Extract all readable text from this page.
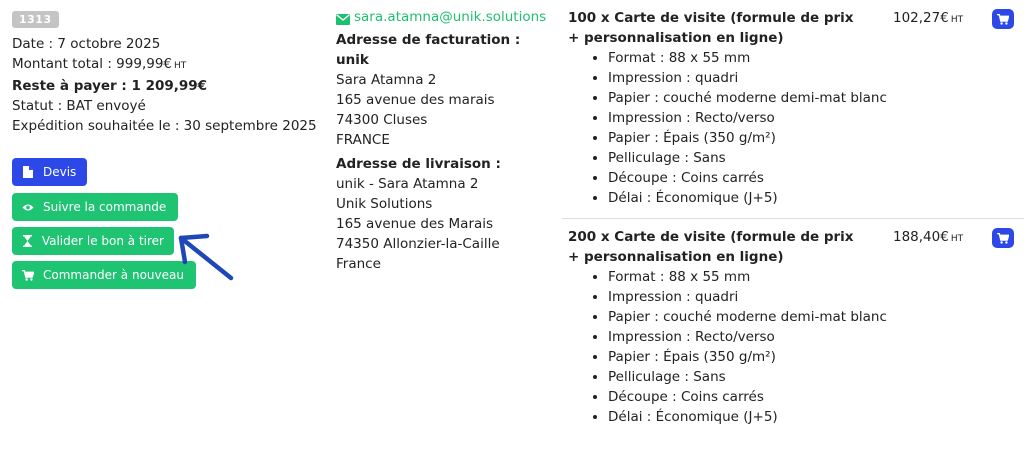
1313
Date : 7 octobre 2025
Montant total : 999,99€ HT
Reste à payer : 1 209,99€
Statut : BAT envoyé
Expédition souhaitée le : 30 septembre 2025
Devis
Suivre la commande
Valider le bon à tirer
Commander à nouveau
sara.atamna@unik.solutions
Adresse de facturation :
unik
Sara Atamna 2
165 avenue des marais
74300 Cluses
FRANCE
Adresse de livraison :
unik - Sara Atamna 2
Unik Solutions
165 avenue des Marais
74350 Allonzier-la-Caille
France
100 x Carte de visite (formule de prix + personnalisation en ligne)
• Format : 88 x 55 mm
• Impression : quadri
• Papier : couché moderne demi-mat blanc
• Impression : Recto/verso
• Papier : Épais (350 g/m²)
• Pelliculage : Sans
• Découpe : Coins carrés
• Délai : Économique (J+5)
102,27€ HT
200 x Carte de visite (formule de prix + personnalisation en ligne)
• Format : 88 x 55 mm
• Impression : quadri
• Papier : couché moderne demi-mat blanc
• Impression : Recto/verso
• Papier : Épais (350 g/m²)
• Pelliculage : Sans
• Découpe : Coins carrés
• Délai : Économique (J+5)
188,40€ HT
